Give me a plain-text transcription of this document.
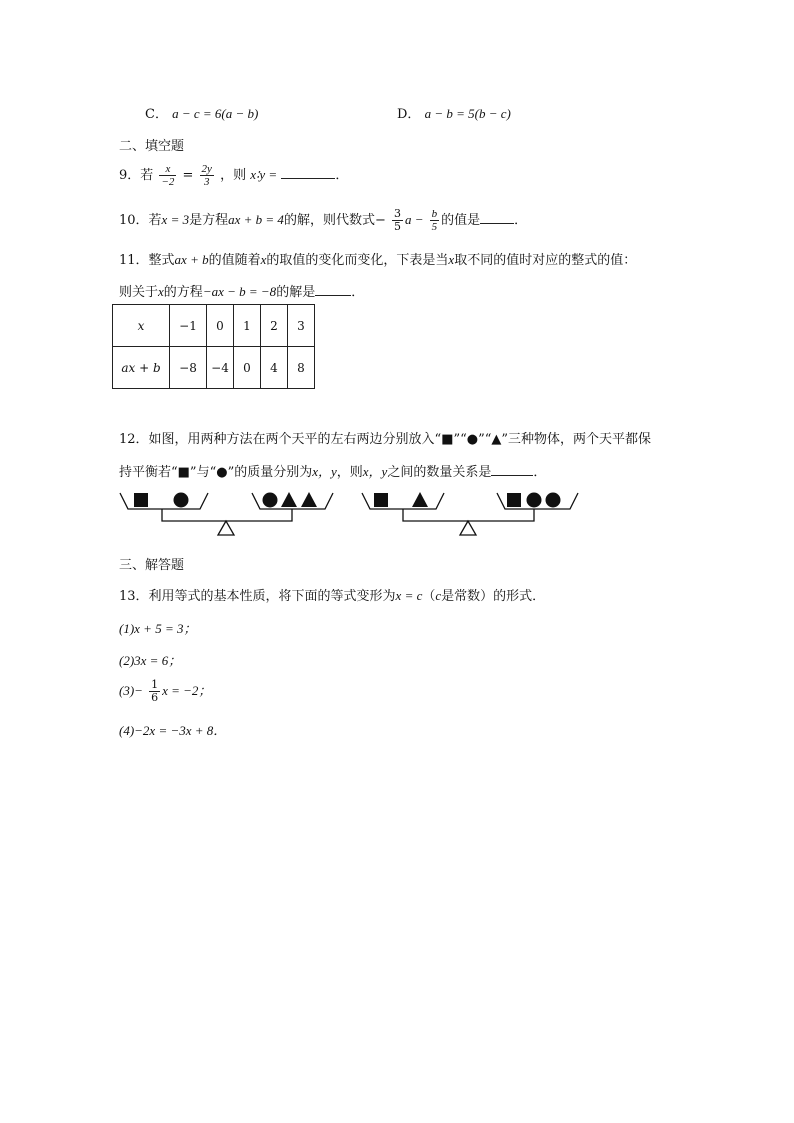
C． a − c = 6(a − b)	D． a − b = 5(b − c)
二、填空题
9．若 $\frac{x}{-2} = \frac{2y}{3}$ ，则 x∶y =	．
10．若x = 3是方程ax + b = 4的解，则代数式− $\frac{3}{5}$ $a - \frac{b}{5}$ 的值是	．
11．整式ax + b的值随着x的取值的变化而变化，下表是当x取不同的值时对应的整式的值：
则关于x的方程−ax − b = −8的解是	．
x	−1	0	1	2	3
ax + b	−8	−4	0	4	8
12．如图，用两种方法在两个天平的左右两边分别放入“■”“●”“▲”三种物体，两个天平都保
持平衡若“■”与“●”的质量分别为x，y，则x，y之间的数量关系是	．
三、解答题
13．利用等式的基本性质，将下面的等式变形为x = c（c是常数）的形式．
(1)x + 5 = 3；
(2)3x = 6；
$(3)- \frac{1}{6}$ x = −2；
(4)−2x = −3x + 8．
